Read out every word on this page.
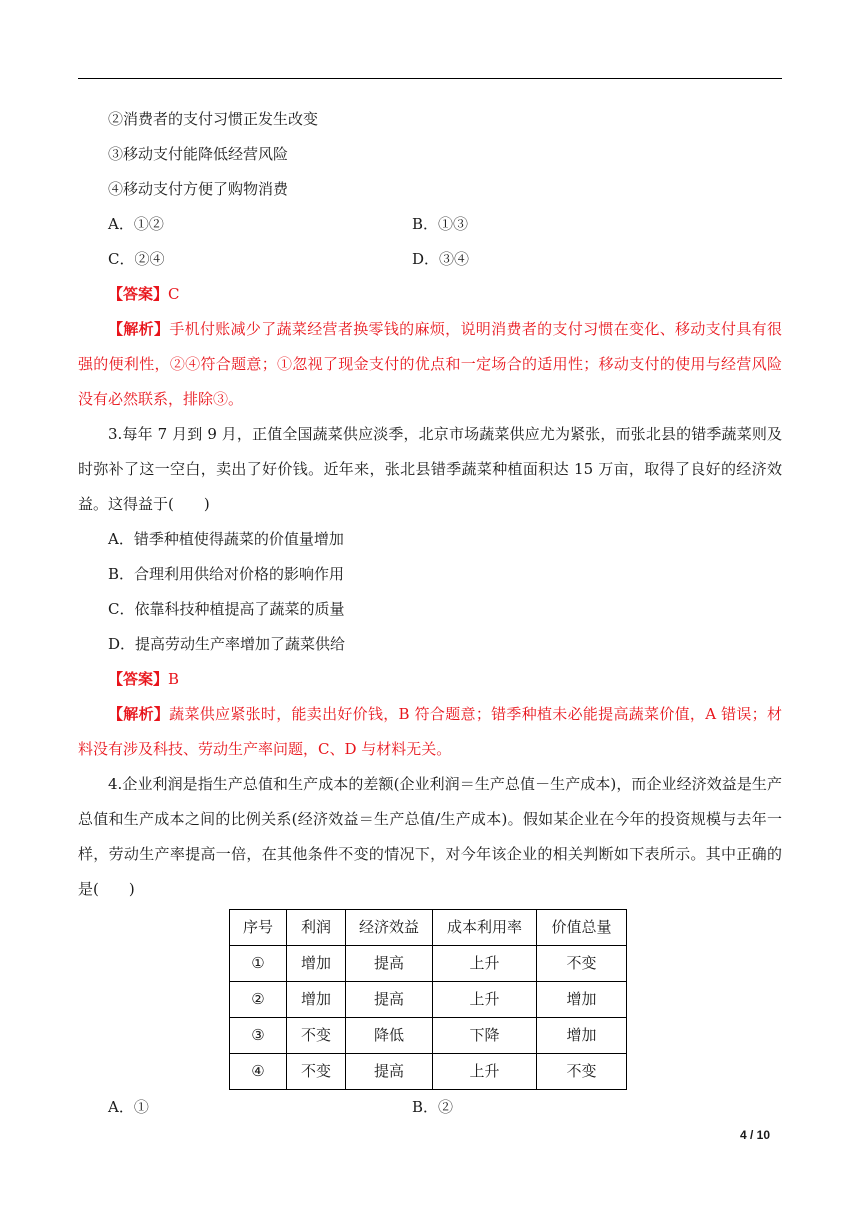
②消费者的支付习惯正发生改变

③移动支付能降低经营风险

④移动支付方便了购物消费

A．①②	B．①③
C．②④	D．③④

【答案】C

【解析】手机付账减少了蔬菜经营者换零钱的麻烦，说明消费者的支付习惯在变化、移动支付具有很强的便利性，②④符合题意；①忽视了现金支付的优点和一定场合的适用性；移动支付的使用与经营风险没有必然联系，排除③。

3.每年 7 月到 9 月，正值全国蔬菜供应淡季，北京市场蔬菜供应尤为紧张，而张北县的错季蔬菜则及时弥补了这一空白，卖出了好价钱。近年来，张北县错季蔬菜种植面积达 15 万亩，取得了良好的经济效益。这得益于(　　)

A．错季种植使得蔬菜的价值量增加

B．合理利用供给对价格的影响作用

C．依靠科技种植提高了蔬菜的质量

D．提高劳动生产率增加了蔬菜供给

【答案】B

【解析】蔬菜供应紧张时，能卖出好价钱，B 符合题意；错季种植未必能提高蔬菜价值，A 错误；材料没有涉及科技、劳动生产率问题，C、D 与材料无关。

4.企业利润是指生产总值和生产成本的差额(企业利润＝生产总值－生产成本)，而企业经济效益是生产总值和生产成本之间的比例关系(经济效益＝生产总值/生产成本)。假如某企业在今年的投资规模与去年一样，劳动生产率提高一倍，在其他条件不变的情况下，对今年该企业的相关判断如下表所示。其中正确的是(　　)

序号	利润	经济效益	成本利用率	价值总量
①	增加	提高	上升	不变
②	增加	提高	上升	增加
③	不变	降低	下降	增加
④	不变	提高	上升	不变
A．①	B．②
4 / 10
